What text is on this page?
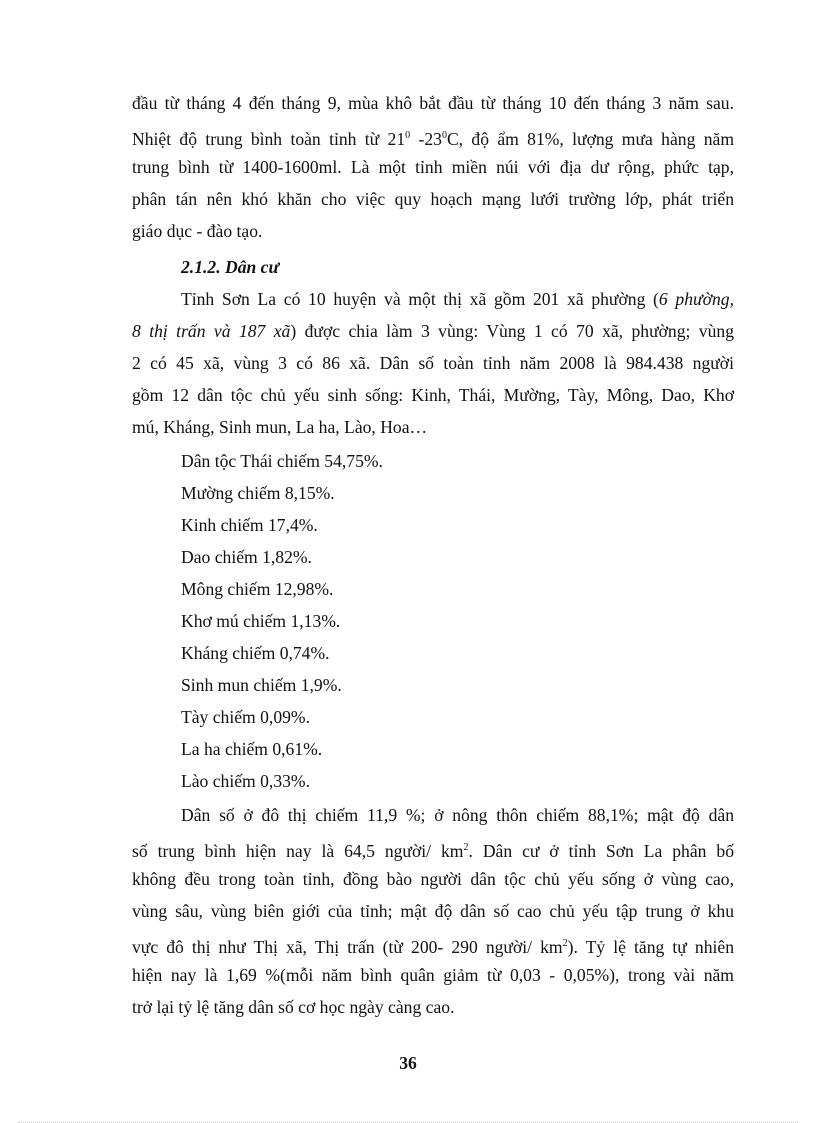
đầu từ tháng 4 đến tháng 9, mùa khô bắt đầu từ tháng 10 đến tháng 3 năm sau.

Nhiệt độ trung bình toàn tỉnh từ $21^0$ $-23^0C$, độ ẩm 81%, lượng mưa hàng năm

trung bình từ 1400-1600ml. Là một tỉnh miền núi với địa dư rộng, phức tạp,

phân tán nên khó khăn cho việc quy hoạch mạng lưới trường lớp, phát triển

giáo dục - đào tạo.

2.1.2. Dân cư

Tỉnh Sơn La có 10 huyện và một thị xã gồm 201 xã phường (6 phường,

8 thị trấn và 187 xã) được chia làm 3 vùng: Vùng 1 có 70 xã, phường; vùng

2 có 45 xã, vùng 3 có 86 xã. Dân số toàn tỉnh năm 2008 là 984.438 người

gồm 12 dân tộc chủ yếu sinh sống: Kinh, Thái, Mường, Tày, Mông, Dao, Khơ

mú, Kháng, Sinh mun, La ha, Lào, Hoa…

Dân tộc Thái chiếm 54,75%.
Mường chiếm 8,15%.
Kinh chiếm 17,4%.
Dao chiếm 1,82%.
Mông chiếm 12,98%.
Khơ mú chiếm 1,13%.
Kháng chiếm 0,74%.
Sinh mun chiếm 1,9%.
Tày chiếm 0,09%.
La ha chiếm 0,61%.
Lào chiếm 0,33%.

Dân số ở đô thị chiếm 11,9 %; ở nông thôn chiếm 88,1%; mật độ dân

số trung bình hiện nay là 64,5 người/ $km^2$. Dân cư ở tỉnh Sơn La phân bố

không đều trong toàn tỉnh, đồng bào người dân tộc chủ yếu sống ở vùng cao,

vùng sâu, vùng biên giới của tỉnh; mật độ dân số cao chủ yếu tập trung ở khu

vực đô thị như Thị xã, Thị trấn (từ 200- 290 người/ $km^2$). Tỷ lệ tăng tự nhiên

hiện nay là 1,69 %(mỗi năm bình quân giảm từ 0,03 - 0,05%), trong vài năm

trở lại tỷ lệ tăng dân số cơ học ngày càng cao.

36
